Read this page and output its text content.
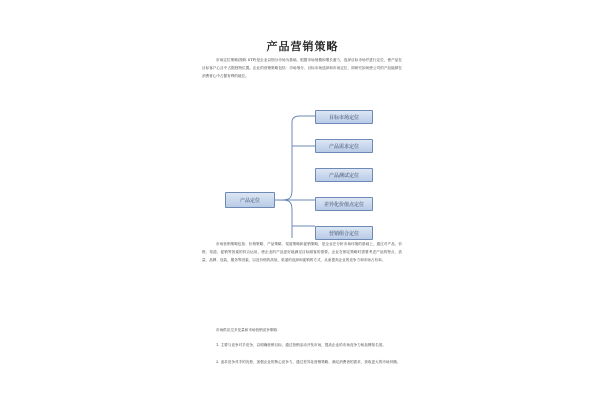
产品营销策略
市场定位策略(简称 STP)是企业以细分市场为基础，根据市场规模和增长潜力，选择目标市场并进行定位，使产品在目标客户心目中占据独特位置。企业的营销策略包括：市场细分、目标市场选择和市场定位，即研究如何使公司的产品能够在消费者心中占据有利的地位。
产品定位
目标市场定位
产品需求定位
产品测试定位
差异化价值点定位
营销组合定位
市场营销策略包括：价格策略、产品策略、渠道策略和促销策略，是企业在分析市场环境的基础上，通过对产品、价格、渠道、促销等因素的综合运用，使企业的产品更好地满足目标顾客的需要。企业在制定策略时需要考虑产品的特点、质量、品牌、包装、服务等因素，以及价格的高低、渠道的选择和促销的方式，从而提高企业的竞争力和市场占有率。
市场供应过多变量和市场营销竞争策略：
1. 主要与竞争对手竞争，以明确营销目标，通过营销活动开发市场，提高企业的市场竞争力和品牌知名度。
2. 追求竞争对手的优势，加强企业的核心竞争力，通过差异化营销策略，满足消费者的需求，获取更大的市场份额。
